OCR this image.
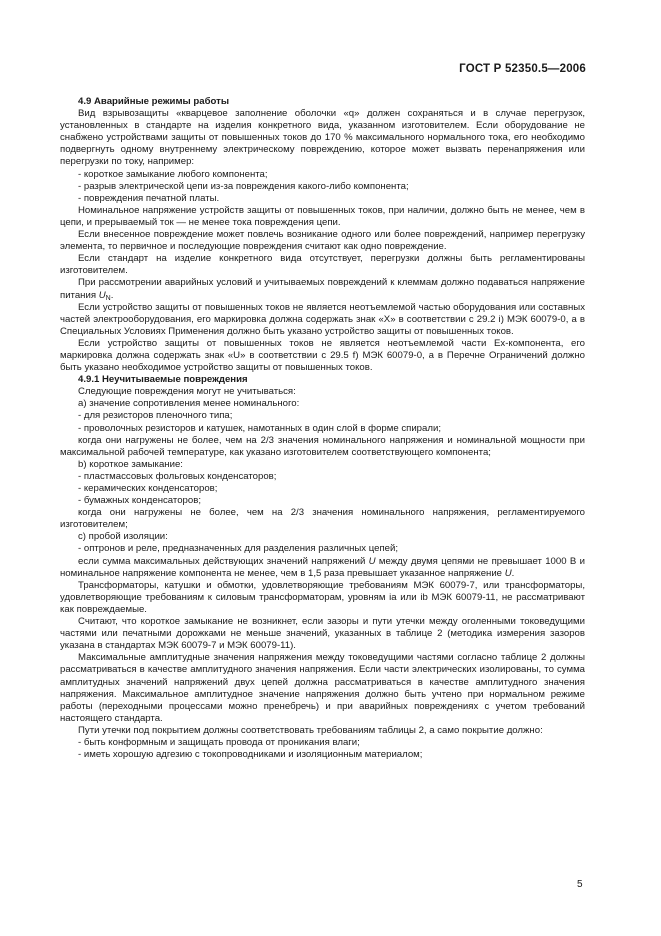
ГОСТ Р 52350.5—2006

4.9 Аварийные режимы работы

Вид взрывозащиты «кварцевое заполнение оболочки «q» должен сохраняться и в случае перегрузок, установленных в стандарте на изделия конкретного вида, указанном изготовителем. Если оборудование не снабжено устройствами защиты от повышенных токов до 170 % максимального нормального тока, его необходимо подвергнуть одному внутреннему электрическому повреждению, которое может вызвать перенапряжения или перегрузки по току, например:

- короткое замыкание любого компонента;

- разрыв электрической цепи из-за повреждения какого-либо компонента;

- повреждения печатной платы.

Номинальное напряжение устройств защиты от повышенных токов, при наличии, должно быть не менее, чем в цепи, и прерываемый ток — не менее тока повреждения цепи.

Если внесенное повреждение может повлечь возникание одного или более повреждений, например перегрузку элемента, то первичное и последующие повреждения считают как одно повреждение.

Если стандарт на изделие конкретного вида отсутствует, перегрузки должны быть регламентированы изготовителем.

При рассмотрении аварийных условий и учитываемых повреждений к клеммам должно подаваться напряжение питания $U_N$.

Если устройство защиты от повышенных токов не является неотъемлемой частью оборудования или составных частей электрооборудования, его маркировка должна содержать знак «X» в соответствии с 29.2 i) МЭК 60079-0, а в Специальных Условиях Применения должно быть указано устройство защиты от повышенных токов.

Если устройство защиты от повышенных токов не является неотъемлемой части Ex-компонента, его маркировка должна содержать знак «U» в соответствии с 29.5 f) МЭК 60079-0, а в Перечне Ограничений должно быть указано необходимое устройство защиты от повышенных токов.

4.9.1 Неучитываемые повреждения

Следующие повреждения могут не учитываться:

а) значение сопротивления менее номинального:

- для резисторов пленочного типа;

- проволочных резисторов и катушек, намотанных в один слой в форме спирали;

когда они нагружены не более, чем на 2/3 значения номинального напряжения и номинальной мощности при максимальной рабочей температуре, как указано изготовителем соответствующего компонента;

b) короткое замыкание:

- пластмассовых фольговых конденсаторов;

- керамических конденсаторов;

- бумажных конденсаторов;

когда они нагружены не более, чем на 2/3 значения номинального напряжения, регламентируемого изготовителем;

с) пробой изоляции:

- оптронов и реле, предназначенных для разделения различных цепей;

если сумма максимальных действующих значений напряжений U между двумя цепями не превышает 1000 В и номинальное напряжение компонента не менее, чем в 1,5 раза превышает указанное напряжение U.

Трансформаторы, катушки и обмотки, удовлетворяющие требованиям МЭК 60079-7, или трансформаторы, удовлетворяющие требованиям к силовым трансформаторам, уровням ia или ib МЭК 60079-11, не рассматривают как повреждаемые.

Считают, что короткое замыкание не возникнет, если зазоры и пути утечки между оголенными токоведущими частями или печатными дорожками не меньше значений, указанных в таблице 2 (методика измерения зазоров указана в стандартах МЭК 60079-7 и МЭК 60079-11).

Максимальные амплитудные значения напряжения между токоведущими частями согласно таблице 2 должны рассматриваться в качестве амплитудного значения напряжения. Если части электрических изолированы, то сумма амплитудных значений напряжений двух цепей должна рассматриваться в качестве амплитудного значения напряжения. Максимальное амплитудное значение напряжения должно быть учтено при нормальном режиме работы (переходными процессами можно пренебречь) и при аварийных повреждениях с учетом требований настоящего стандарта.

Пути утечки под покрытием должны соответствовать требованиям таблицы 2, а само покрытие должно:

- быть конформным и защищать провода от проникания влаги;

- иметь хорошую адгезию с токопроводниками и изоляционным материалом;

5
